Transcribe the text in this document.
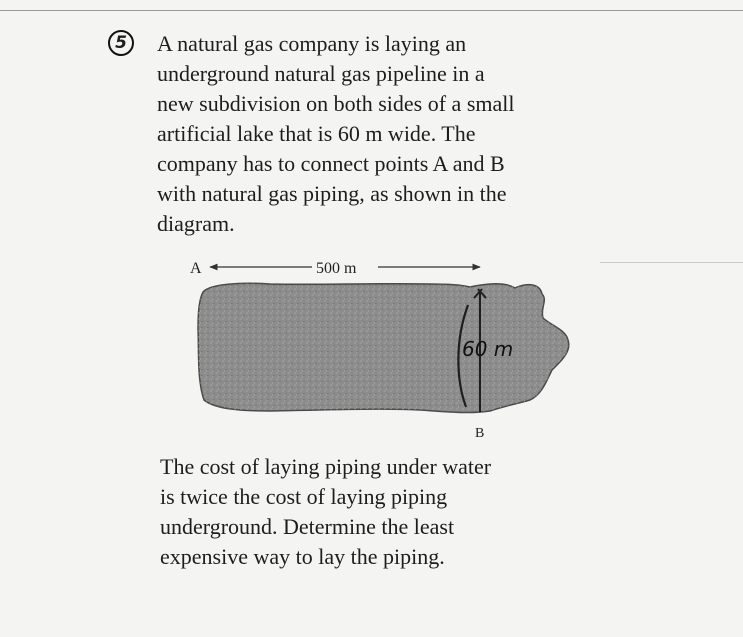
5	A natural gas company is laying an
underground natural gas pipeline in a
new subdivision on both sides of a small
artificial lake that is 60 m wide. The
company has to connect points A and B
with natural gas piping, as shown in the
diagram.

500 m
A
60 m
B

The cost of laying piping under water
is twice the cost of laying piping
underground. Determine the least
expensive way to lay the piping.
